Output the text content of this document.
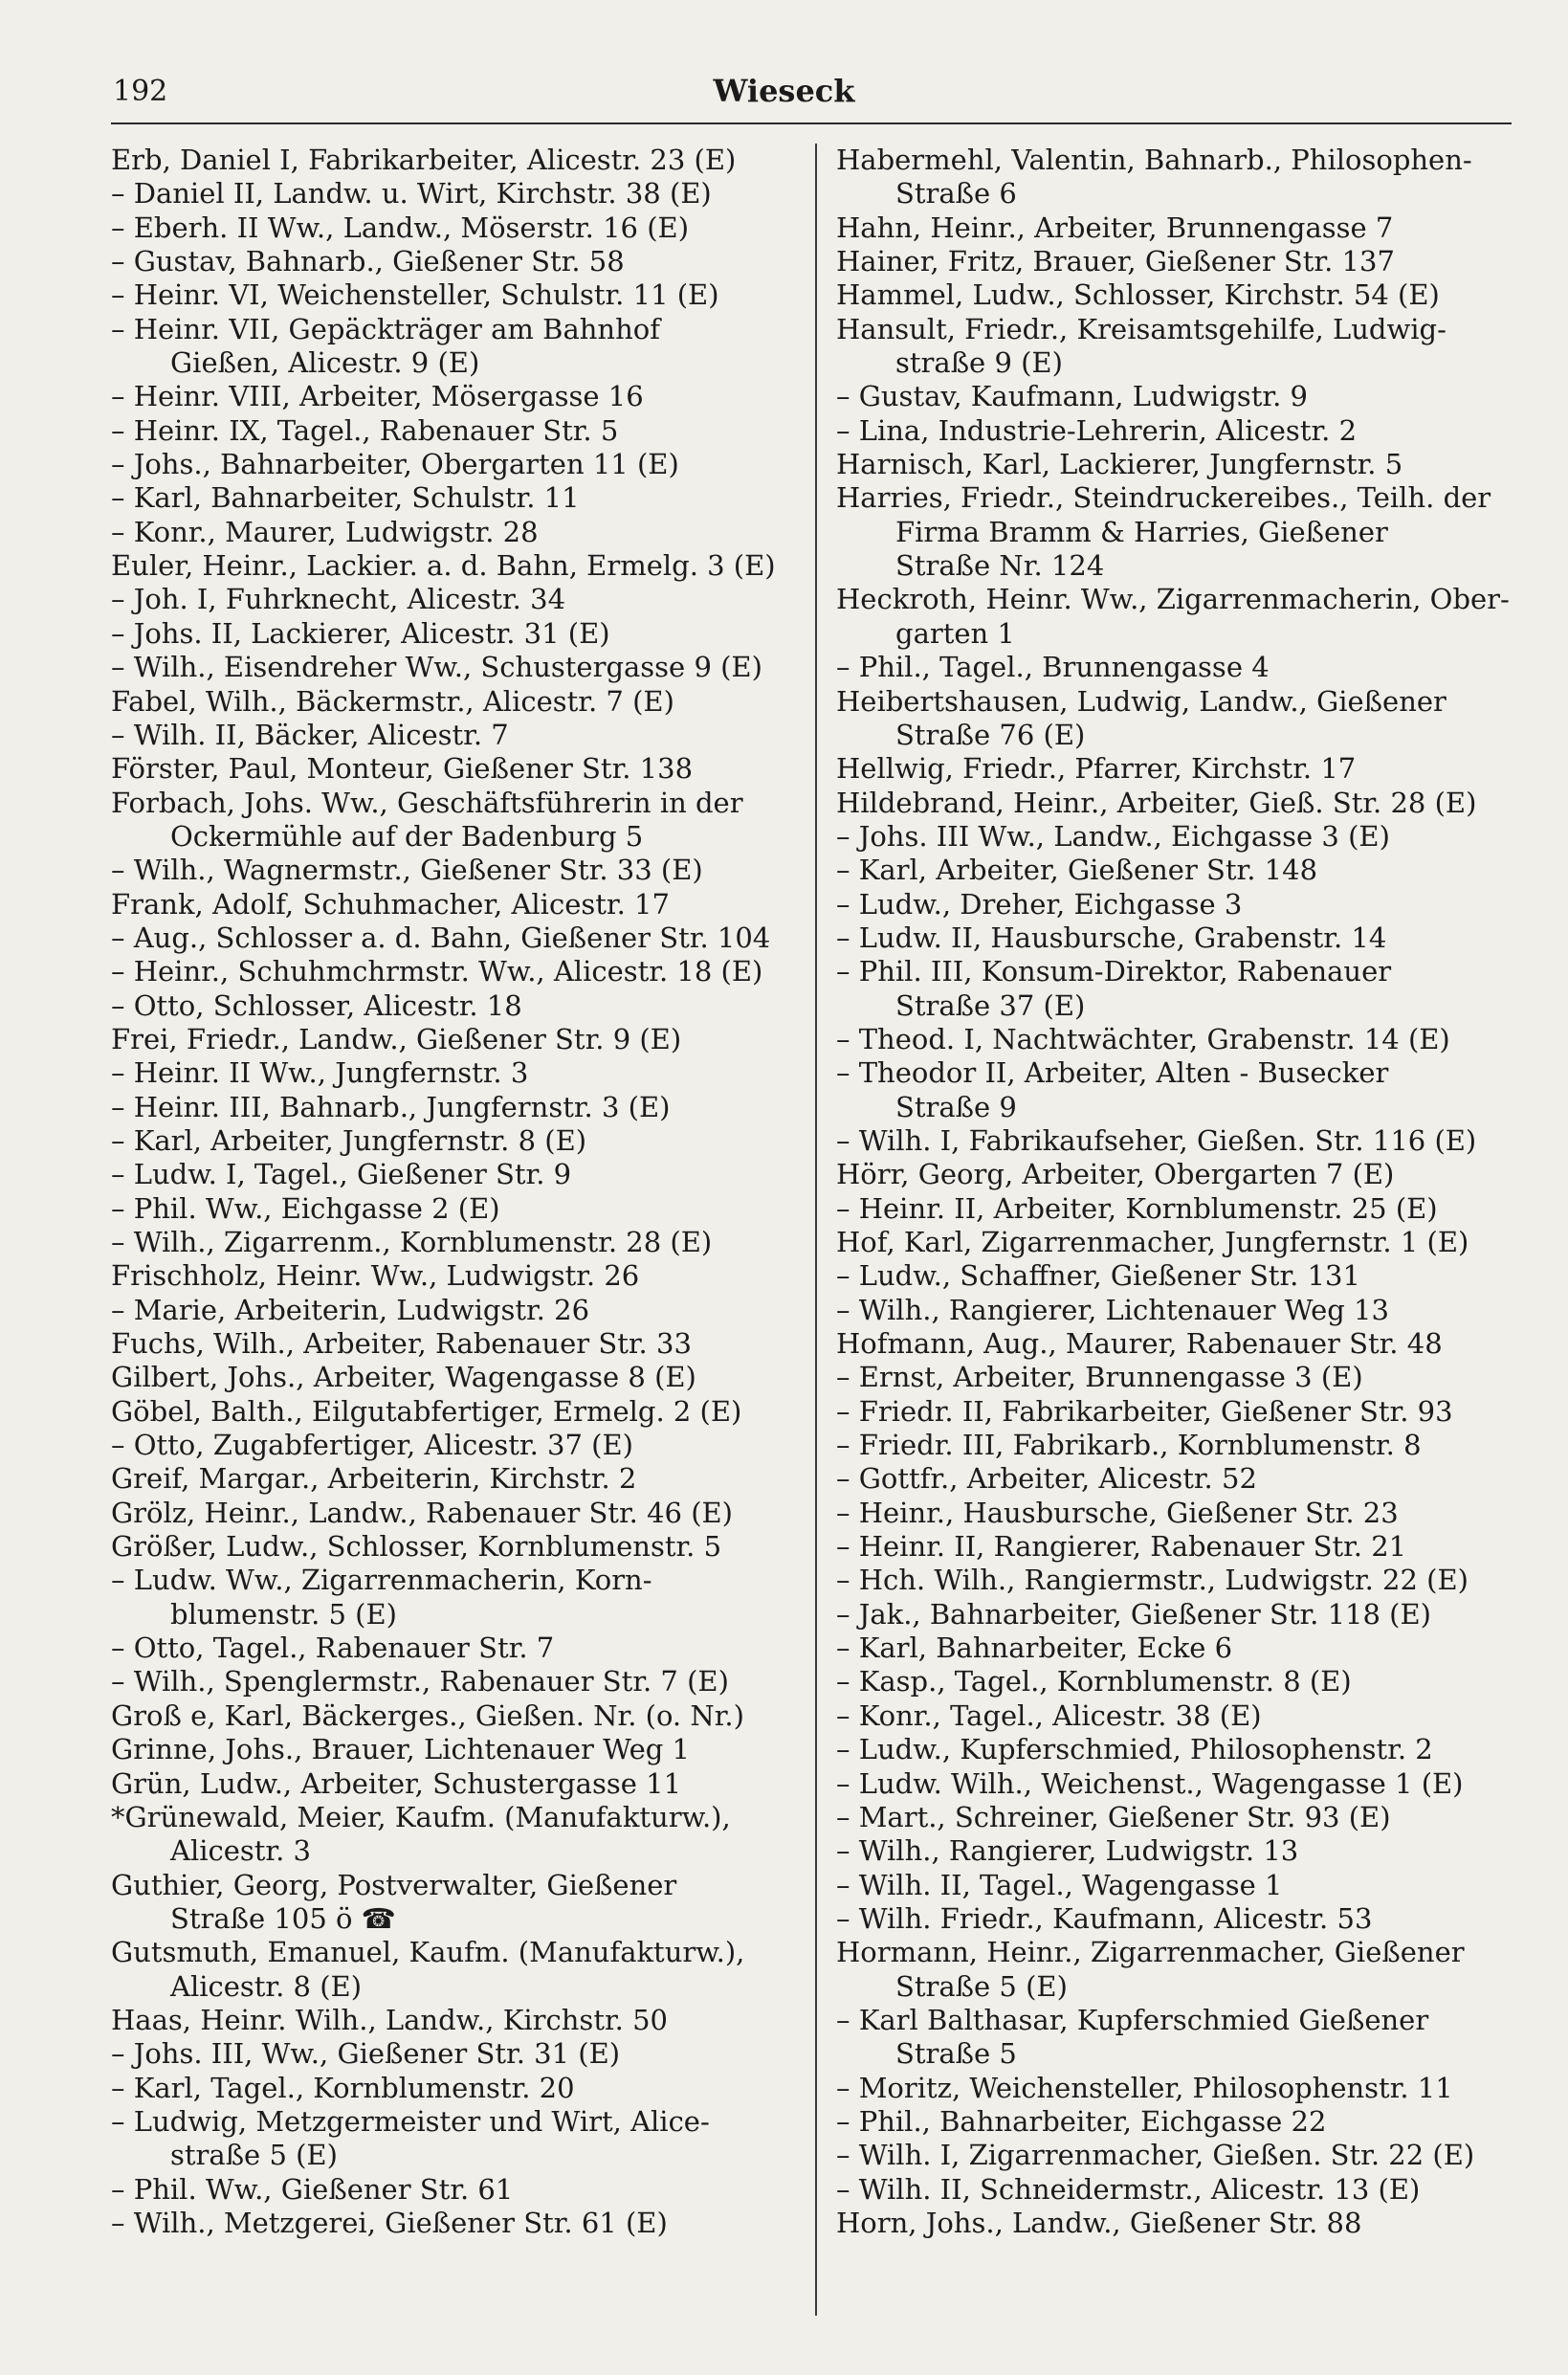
192	Wieseck
Erb, Daniel I, Fabrikarbeiter, Alicestr. 23 (E)
– Daniel II, Landw. u. Wirt, Kirchstr. 38 (E)
– Eberh. II Ww., Landw., Möserstr. 16 (E)
– Gustav, Bahnarb., Gießener Str. 58
– Heinr. VI, Weichensteller, Schulstr. 11 (E)
– Heinr. VII, Gepäckträger am Bahnhof
Gießen, Alicestr. 9 (E)
– Heinr. VIII, Arbeiter, Mösergasse 16
– Heinr. IX, Tagel., Rabenauer Str. 5
– Johs., Bahnarbeiter, Obergarten 11 (E)
– Karl, Bahnarbeiter, Schulstr. 11
– Konr., Maurer, Ludwigstr. 28
Euler, Heinr., Lackier. a. d. Bahn, Ermelg. 3 (E)
– Joh. I, Fuhrknecht, Alicestr. 34
– Johs. II, Lackierer, Alicestr. 31 (E)
– Wilh., Eisendreher Ww., Schustergasse 9 (E)
Fabel, Wilh., Bäckermstr., Alicestr. 7 (E)
– Wilh. II, Bäcker, Alicestr. 7
Förster, Paul, Monteur, Gießener Str. 138
Forbach, Johs. Ww., Geschäftsführerin in der
Ockermühle auf der Badenburg 5
– Wilh., Wagnermstr., Gießener Str. 33 (E)
Frank, Adolf, Schuhmacher, Alicestr. 17
– Aug., Schlosser a. d. Bahn, Gießener Str. 104
– Heinr., Schuhmchrmstr. Ww., Alicestr. 18 (E)
– Otto, Schlosser, Alicestr. 18
Frei, Friedr., Landw., Gießener Str. 9 (E)
– Heinr. II Ww., Jungfernstr. 3
– Heinr. III, Bahnarb., Jungfernstr. 3 (E)
– Karl, Arbeiter, Jungfernstr. 8 (E)
– Ludw. I, Tagel., Gießener Str. 9
– Phil. Ww., Eichgasse 2 (E)
– Wilh., Zigarrenm., Kornblumenstr. 28 (E)
Frischholz, Heinr. Ww., Ludwigstr. 26
– Marie, Arbeiterin, Ludwigstr. 26
Fuchs, Wilh., Arbeiter, Rabenauer Str. 33
Gilbert, Johs., Arbeiter, Wagengasse 8 (E)
Göbel, Balth., Eilgutabfertiger, Ermelg. 2 (E)
– Otto, Zugabfertiger, Alicestr. 37 (E)
Greif, Margar., Arbeiterin, Kirchstr. 2
Grölz, Heinr., Landw., Rabenauer Str. 46 (E)
Größer, Ludw., Schlosser, Kornblumenstr. 5
– Ludw. Ww., Zigarrenmacherin, Korn-
blumenstr. 5 (E)
– Otto, Tagel., Rabenauer Str. 7
– Wilh., Spenglermstr., Rabenauer Str. 7 (E)
Groß e, Karl, Bäckerges., Gießen. Nr. (o. Nr.)
Grinne, Johs., Brauer, Lichtenauer Weg 1
Grün, Ludw., Arbeiter, Schustergasse 11
*Grünewald, Meier, Kaufm. (Manufakturw.),
Alicestr. 3
Guthier, Georg, Postverwalter, Gießener
Straße 105 ö ☎
Gutsmuth, Emanuel, Kaufm. (Manufakturw.),
Alicestr. 8 (E)
Haas, Heinr. Wilh., Landw., Kirchstr. 50
– Johs. III, Ww., Gießener Str. 31 (E)
– Karl, Tagel., Kornblumenstr. 20
– Ludwig, Metzgermeister und Wirt, Alice-
straße 5 (E)
– Phil. Ww., Gießener Str. 61
– Wilh., Metzgerei, Gießener Str. 61 (E)
Habermehl, Valentin, Bahnarb., Philosophen-
Straße 6
Hahn, Heinr., Arbeiter, Brunnengasse 7
Hainer, Fritz, Brauer, Gießener Str. 137
Hammel, Ludw., Schlosser, Kirchstr. 54 (E)
Hansult, Friedr., Kreisamtsgehilfe, Ludwig-
straße 9 (E)
– Gustav, Kaufmann, Ludwigstr. 9
– Lina, Industrie-Lehrerin, Alicestr. 2
Harnisch, Karl, Lackierer, Jungfernstr. 5
Harries, Friedr., Steindruckereibes., Teilh. der
Firma Bramm & Harries, Gießener
Straße Nr. 124
Heckroth, Heinr. Ww., Zigarrenmacherin, Ober-
garten 1
– Phil., Tagel., Brunnengasse 4
Heibertshausen, Ludwig, Landw., Gießener
Straße 76 (E)
Hellwig, Friedr., Pfarrer, Kirchstr. 17
Hildebrand, Heinr., Arbeiter, Gieß. Str. 28 (E)
– Johs. III Ww., Landw., Eichgasse 3 (E)
– Karl, Arbeiter, Gießener Str. 148
– Ludw., Dreher, Eichgasse 3
– Ludw. II, Hausbursche, Grabenstr. 14
– Phil. III, Konsum-Direktor, Rabenauer
Straße 37 (E)
– Theod. I, Nachtwächter, Grabenstr. 14 (E)
– Theodor II, Arbeiter, Alten - Busecker
Straße 9
– Wilh. I, Fabrikaufseher, Gießen. Str. 116 (E)
Hörr, Georg, Arbeiter, Obergarten 7 (E)
– Heinr. II, Arbeiter, Kornblumenstr. 25 (E)
Hof, Karl, Zigarrenmacher, Jungfernstr. 1 (E)
– Ludw., Schaffner, Gießener Str. 131
– Wilh., Rangierer, Lichtenauer Weg 13
Hofmann, Aug., Maurer, Rabenauer Str. 48
– Ernst, Arbeiter, Brunnengasse 3 (E)
– Friedr. II, Fabrikarbeiter, Gießener Str. 93
– Friedr. III, Fabrikarb., Kornblumenstr. 8
– Gottfr., Arbeiter, Alicestr. 52
– Heinr., Hausbursche, Gießener Str. 23
– Heinr. II, Rangierer, Rabenauer Str. 21
– Hch. Wilh., Rangiermstr., Ludwigstr. 22 (E)
– Jak., Bahnarbeiter, Gießener Str. 118 (E)
– Karl, Bahnarbeiter, Ecke 6
– Kasp., Tagel., Kornblumenstr. 8 (E)
– Konr., Tagel., Alicestr. 38 (E)
– Ludw., Kupferschmied, Philosophenstr. 2
– Ludw. Wilh., Weichenst., Wagengasse 1 (E)
– Mart., Schreiner, Gießener Str. 93 (E)
– Wilh., Rangierer, Ludwigstr. 13
– Wilh. II, Tagel., Wagengasse 1
– Wilh. Friedr., Kaufmann, Alicestr. 53
Hormann, Heinr., Zigarrenmacher, Gießener
Straße 5 (E)
– Karl Balthasar, Kupferschmied Gießener
Straße 5
– Moritz, Weichensteller, Philosophenstr. 11
– Phil., Bahnarbeiter, Eichgasse 22
– Wilh. I, Zigarrenmacher, Gießen. Str. 22 (E)
– Wilh. II, Schneidermstr., Alicestr. 13 (E)
Horn, Johs., Landw., Gießener Str. 88
